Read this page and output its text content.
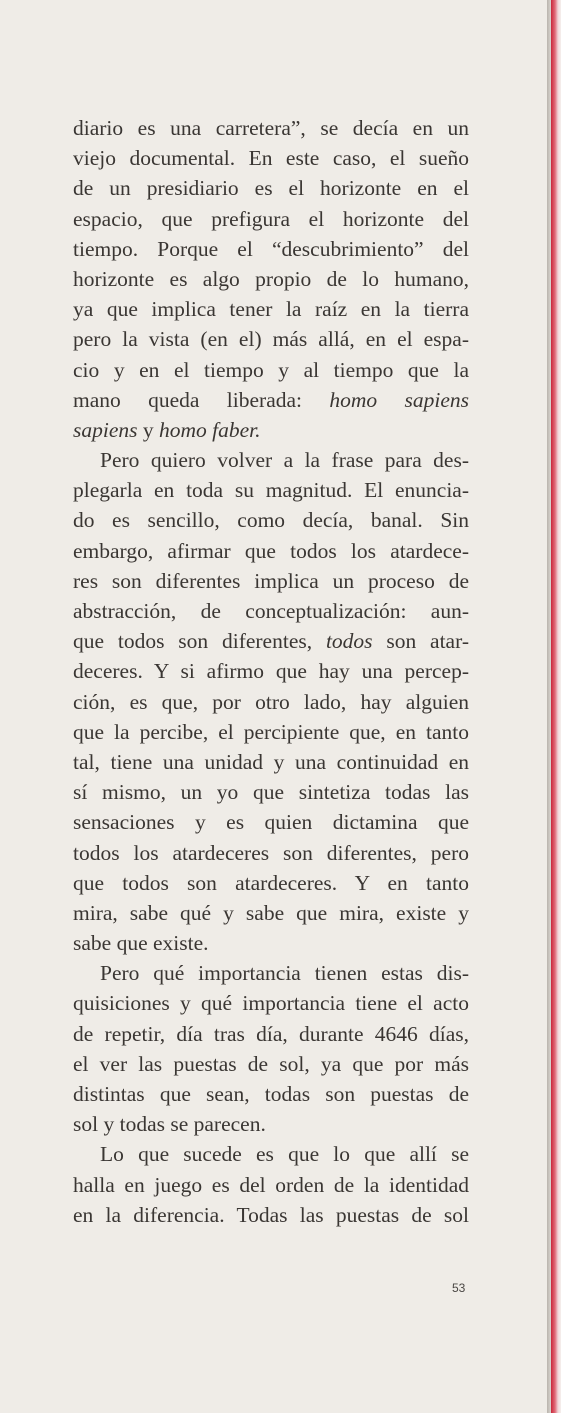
diario es una carretera”, se decía en un
viejo documental. En este caso, el sueño
de un presidiario es el horizonte en el
espacio, que prefigura el horizonte del
tiempo. Porque el “descubrimiento” del
horizonte es algo propio de lo humano,
ya que implica tener la raíz en la tierra
pero la vista (en el) más allá, en el espa-
cio y en el tiempo y al tiempo que la
mano queda liberada: homo sapiens
sapiens y homo faber.
Pero quiero volver a la frase para des-
plegarla en toda su magnitud. El enuncia-
do es sencillo, como decía, banal. Sin
embargo, afirmar que todos los atardece-
res son diferentes implica un proceso de
abstracción, de conceptualización: aun-
que todos son diferentes, todos son atar-
deceres. Y si afirmo que hay una percep-
ción, es que, por otro lado, hay alguien
que la percibe, el percipiente que, en tanto
tal, tiene una unidad y una continuidad en
sí mismo, un yo que sintetiza todas las
sensaciones y es quien dictamina que
todos los atardeceres son diferentes, pero
que todos son atardeceres. Y en tanto
mira, sabe qué y sabe que mira, existe y
sabe que existe.
Pero qué importancia tienen estas dis-
quisiciones y qué importancia tiene el acto
de repetir, día tras día, durante 4646 días,
el ver las puestas de sol, ya que por más
distintas que sean, todas son puestas de
sol y todas se parecen.
Lo que sucede es que lo que allí se
halla en juego es del orden de la identidad
en la diferencia. Todas las puestas de sol
53
